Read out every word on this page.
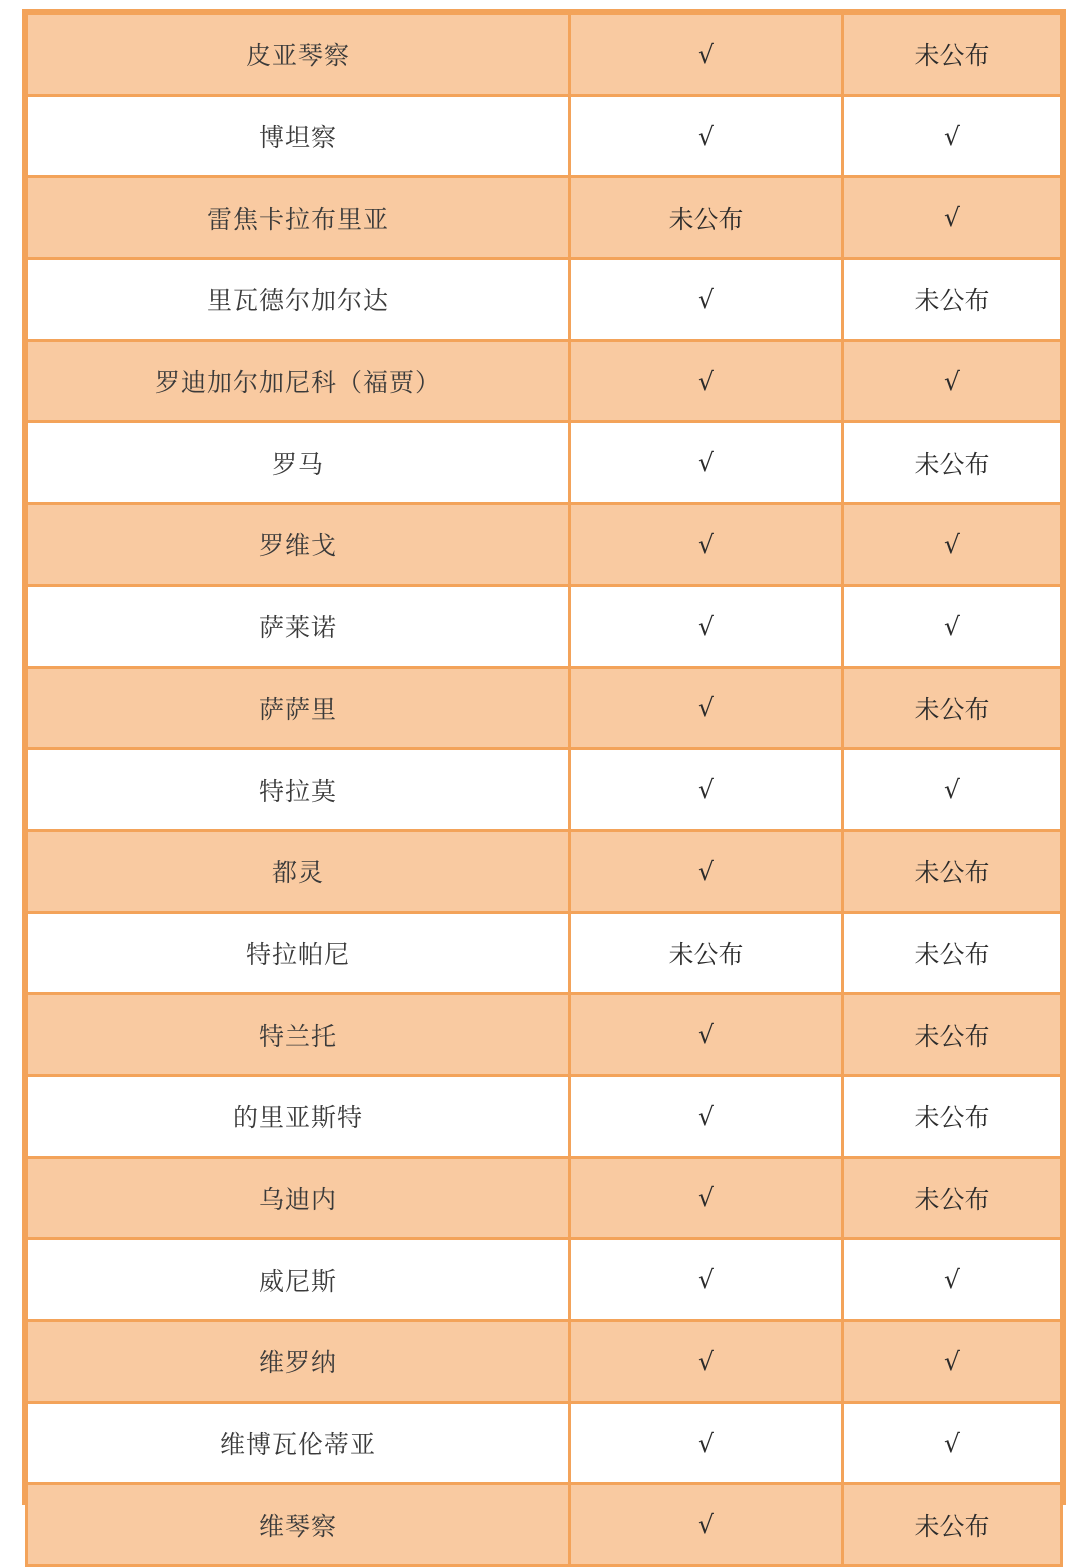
皮亚琴察	√	未公布
博坦察	√	√
雷焦卡拉布里亚	未公布	√
里瓦德尔加尔达	√	未公布
罗迪加尔加尼科（福贾）	√	√
罗马	√	未公布
罗维戈	√	√
萨莱诺	√	√
萨萨里	√	未公布
特拉莫	√	√
都灵	√	未公布
特拉帕尼	未公布	未公布
特兰托	√	未公布
的里亚斯特	√	未公布
乌迪内	√	未公布
威尼斯	√	√
维罗纳	√	√
维博瓦伦蒂亚	√	√
维琴察	√	未公布
